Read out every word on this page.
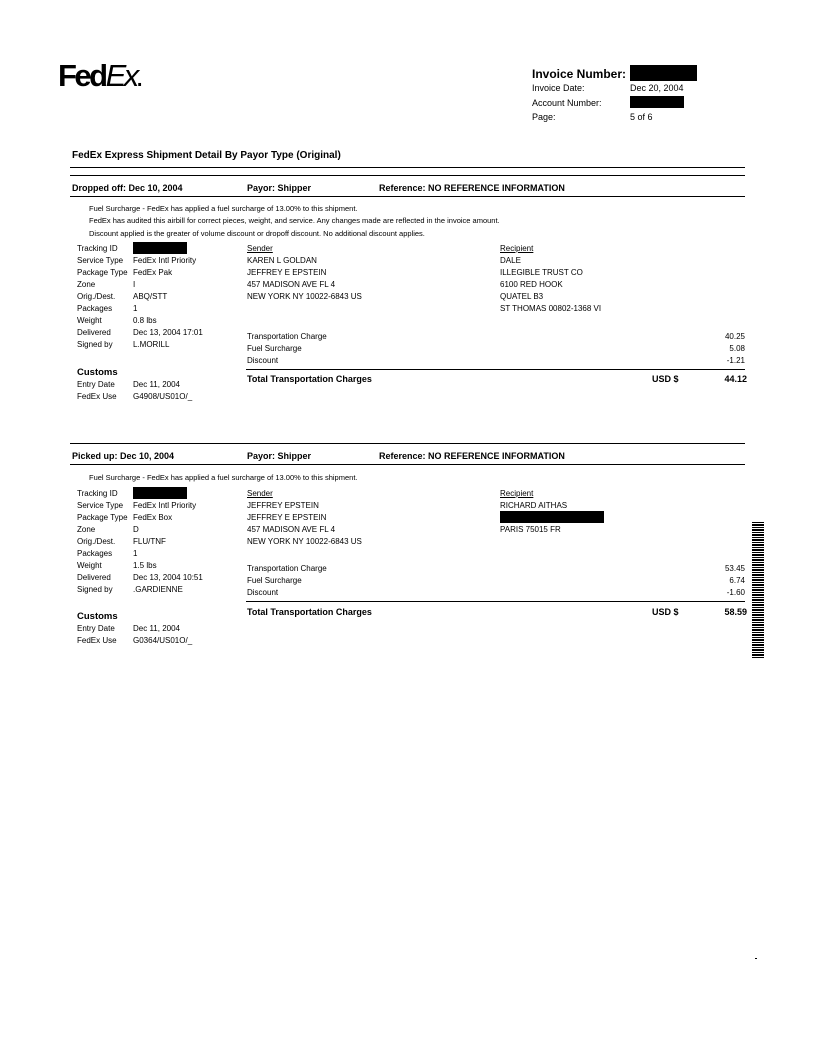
FedEx.	Invoice Number:
Invoice Date:	Dec 20, 2004
Account Number:
Page:	5 of 6
FedEx Express Shipment Detail By Payor Type (Original)
Dropped off: Dec 10, 2004	Payor: Shipper	Reference: NO REFERENCE INFORMATION
Fuel Surcharge - FedEx has applied a fuel surcharge of 13.00% to this shipment.
FedEx has audited this airbill for correct pieces, weight, and service. Any changes made are reflected in the invoice amount.
Discount applied is the greater of volume discount or dropoff discount. No additional discount applies.
Tracking ID
Service Type FedEx Intl Priority
Package Type FedEx Pak
Zone	I
Orig./Dest. ABQ/STT
Packages	1
Weight	0.8 lbs
Delivered	Dec 13, 2004 17:01
Signed by	L.MORILL
Sender
KAREN L GOLDAN
JEFFREY E EPSTEIN
457 MADISON AVE FL 4
NEW YORK NY 10022-6843 US
Recipient
DALE
ILLEGIBLE TRUST CO
6100 RED HOOK
QUATEL B3
ST THOMAS 00802-1368 VI
Transportation Charge	40.25
Fuel Surcharge	5.08
Discount	-1.21
Total Transportation Charges	USD $	44.12
Customs
Entry Date Dec 11, 2004
FedEx Use G4908/US01O/_
Picked up: Dec 10, 2004	Payor: Shipper	Reference: NO REFERENCE INFORMATION
Fuel Surcharge - FedEx has applied a fuel surcharge of 13.00% to this shipment.
Tracking ID
Service Type FedEx Intl Priority
Package Type FedEx Box
Zone	D
Orig./Dest. FLU/TNF
Packages	1
Weight	1.5 lbs
Delivered	Dec 13, 2004 10:51
Signed by	.GARDIENNE
Sender
JEFFREY EPSTEIN
JEFFREY E EPSTEIN
457 MADISON AVE FL 4
NEW YORK NY 10022-6843 US
Recipient
RICHARD AITHAS
PARIS 75015 FR
Transportation Charge	53.45
Fuel Surcharge	6.74
Discount	-1.60
Total Transportation Charges	USD $	58.59
Customs
Entry Date Dec 11, 2004
FedEx Use G0364/US01O/_
